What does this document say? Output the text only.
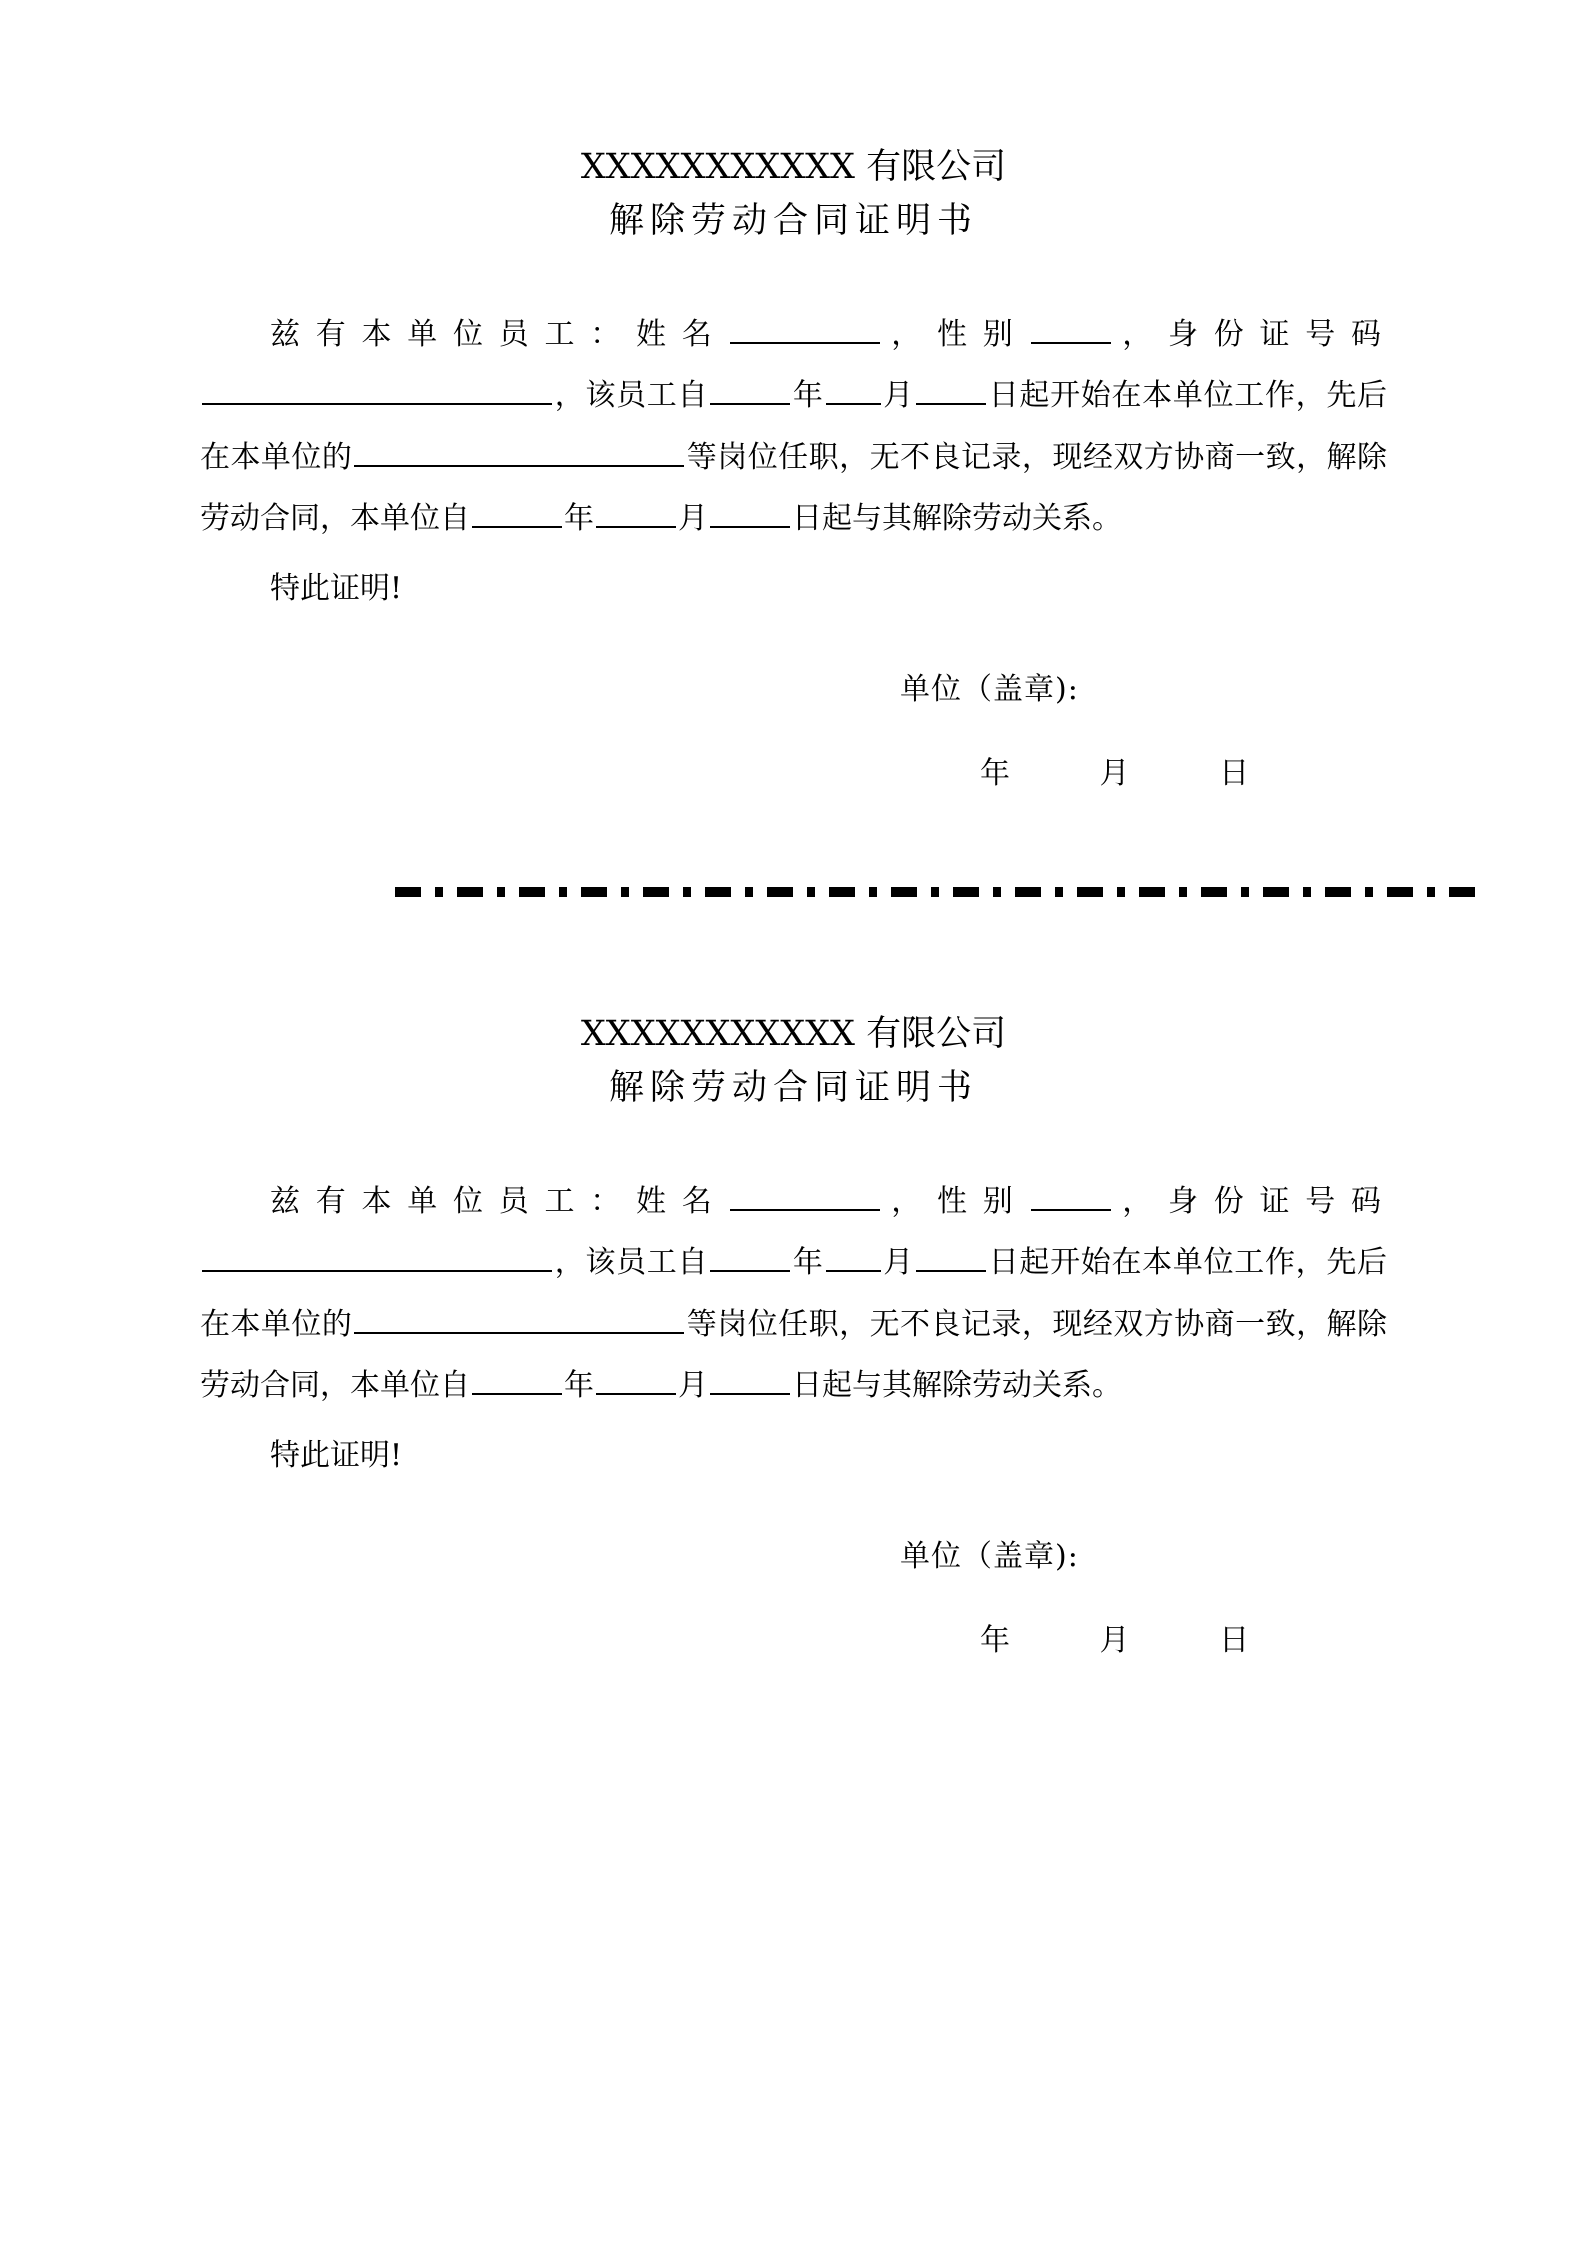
XXXXXXXXXXX 有限公司
解除劳动合同证明书

兹有本单位员工：姓名	，性别	，身份证号码，该员工自	年 月 日起开始在本单位工作，先后在本单位的	等岗位任职，无不良记录，现经双方协商一致，解除劳动合同，本单位自	年	月	日起与其解除劳动关系。

特此证明!

单位（盖章):
年 月 日
XXXXXXXXXXX 有限公司
解除劳动合同证明书

兹有本单位员工：姓名	，性别	，身份证号码，该员工自	年 月 日起开始在本单位工作，先后在本单位的	等岗位任职，无不良记录，现经双方协商一致，解除劳动合同，本单位自	年	月	日起与其解除劳动关系。

特此证明!

单位（盖章):
年 月 日
